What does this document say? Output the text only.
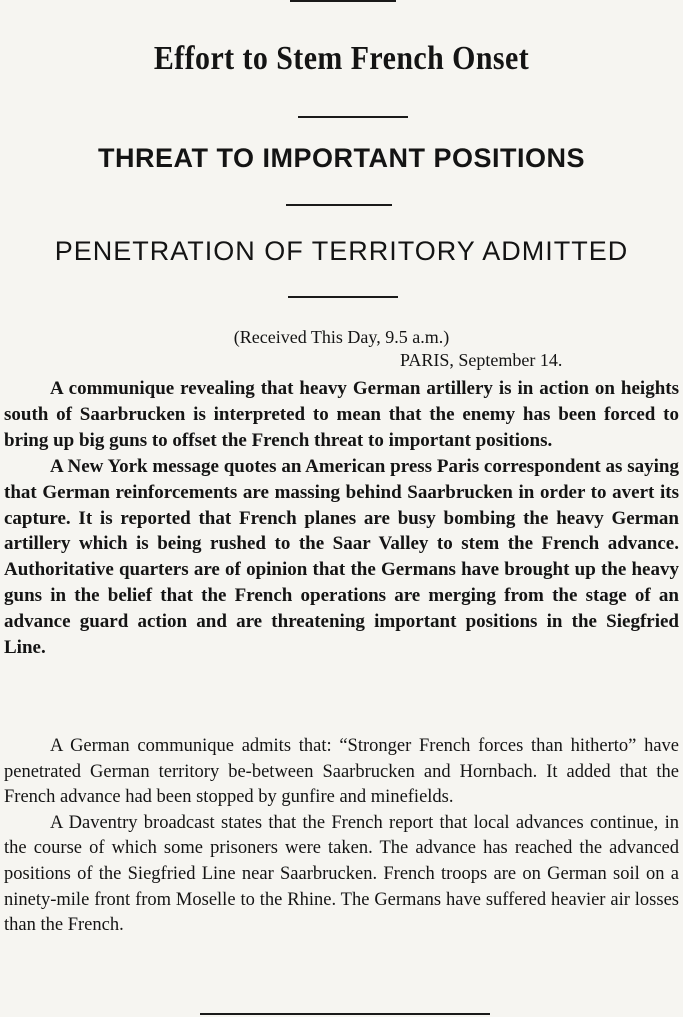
Effort to Stem French Onset
THREAT TO IMPORTANT POSITIONS
PENETRATION OF TERRITORY ADMITTED
(Received This Day, 9.5 a.m.)
PARIS, September 14.

A communique revealing that heavy German artillery is in action on heights south of Saarbrucken is interpreted to mean that the enemy has been forced to bring up big guns to offset the French threat to important positions.

A New York message quotes an American press Paris correspondent as saying that German reinforcements are massing behind Saarbrucken in order to avert its capture. It is reported that French planes are busy bombing the heavy German artillery which is being rushed to the Saar Valley to stem the French advance. Authoritative quarters are of opinion that the Germans have brought up the heavy guns in the belief that the French operations are merging from the stage of an advance guard action and are threatening important positions in the Siegfried Line.

A German communique admits that: “Stronger French forces than hitherto” have penetrated German territory be-between Saarbrucken and Hornbach. It added that the French advance had been stopped by gunfire and minefields.

A Daventry broadcast states that the French report that local advances continue, in the course of which some prisoners were taken. The advance has reached the advanced positions of the Siegfried Line near Saarbrucken. French troops are on German soil on a ninety-mile front from Moselle to the Rhine. The Germans have suffered heavier air losses than the French.
